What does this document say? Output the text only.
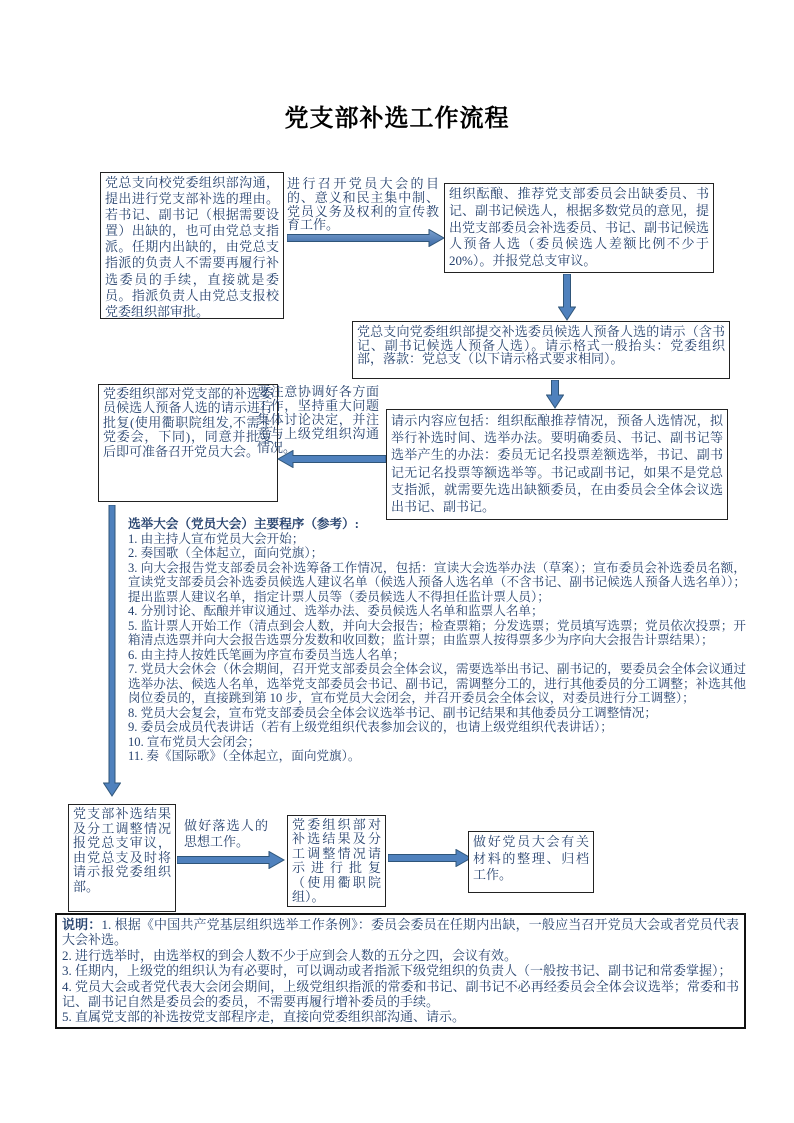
党支部补选工作流程
党总支向校党委组织部沟通，提出进行党支部补选的理由。若书记、副书记（根据需要设置）出缺的，也可由党总支指派。任期内出缺的，由党总支指派的负责人不需要再履行补选委员的手续，直接就是委员。指派负责人由党总支报校党委组织部审批。
进行召开党员大会的目的、意义和民主集中制、党员义务及权利的宣传教育工作。
组织酝酿、推荐党支部委员会出缺委员、书记、副书记候选人，根据多数党员的意见，提出党支部委员会补选委员、书记、副书记候选人预备人选（委员候选人差额比例不少于 20%）。并报党总支审议。
党总支向党委组织部提交补选委员候选人预备人选的请示（含书记、副书记候选人预备人选）。请示格式一般抬头：党委组织部，落款：党总支（以下请示格式要求相同）。
党委组织部对党支部的补选委员候选人预备人选的请示进行批复(使用衢职院组发,不需上党委会，下同)，同意并批复后即可准备召开党员大会。
要注意协调好各方面工作，坚持重大问题集体讨论决定，并注意与上级党组织沟通情况。
请示内容应包括：组织酝酿推荐情况，预备人选情况，拟举行补选时间、选举办法。要明确委员、书记、副书记等选举产生的办法：委员无记名投票差额选举，书记、副书记无记名投票等额选举等。书记或副书记，如果不是党总支指派，就需要先选出缺额委员，在由委员会全体会议选出书记、副书记。
选举大会（党员大会）主要程序（参考）:
1. 由主持人宣布党员大会开始；
2. 奏国歌（全体起立，面向党旗）；
3. 向大会报告党支部委员会补选筹备工作情况，包括：宣读大会选举办法（草案）；宣布委员会补选委员名额，宣读党支部委员会补选委员候选人建议名单（候选人预备人选名单（不含书记、副书记候选人预备人选名单））；提出监票人建议名单，指定计票人员等（委员候选人不得担任监计票人员）；
4. 分别讨论、酝酿并审议通过、选举办法、委员候选人名单和监票人名单；
5. 监计票人开始工作（清点到会人数，并向大会报告；检查票箱；分发选票；党员填写选票；党员依次投票；开箱清点选票并向大会报告选票分发数和收回数；监计票；由监票人按得票多少为序向大会报告计票结果）；
6. 由主持人按姓氏笔画为序宣布委员当选人名单；
7. 党员大会休会（休会期间，召开党支部委员会全体会议，需要选举出书记、副书记的，要委员会全体会议通过选举办法、候选人名单，选举党支部委员会书记、副书记，需调整分工的，进行其他委员的分工调整；补选其他岗位委员的，直接跳到第 10 步，宣布党员大会闭会，并召开委员会全体会议，对委员进行分工调整）；
8. 党员大会复会，宣布党支部委员会全体会议选举书记、副书记结果和其他委员分工调整情况；
9. 委员会成员代表讲话（若有上级党组织代表参加会议的，也请上级党组织代表讲话）；
10. 宣布党员大会闭会；
11. 奏《国际歌》（全体起立，面向党旗）。
党支部补选结果及分工调整情况报党总支审议，由党总支及时将请示报党委组织部。
做好落选人的思想工作。
党委组织部对补选结果及分工调整情况请示进行批复（使用衢职院组）。
做好党员大会有关材料的整理、归档工作。
说明：1. 根据《中国共产党基层组织选举工作条例》：委员会委员在任期内出缺，一般应当召开党员大会或者党员代表大会补选。
2. 进行选举时，由选举权的到会人数不少于应到会人数的五分之四，会议有效。
3. 任期内，上级党的组织认为有必要时，可以调动或者指派下级党组织的负责人（一般按书记、副书记和常委掌握）；
4. 党员大会或者党代表大会闭会期间，上级党组织指派的常委和书记、副书记不必再经委员会全体会议选举；常委和书记、副书记自然是委员会的委员，不需要再履行增补委员的手续。
5. 直属党支部的补选按党支部程序走，直接向党委组织部沟通、请示。
